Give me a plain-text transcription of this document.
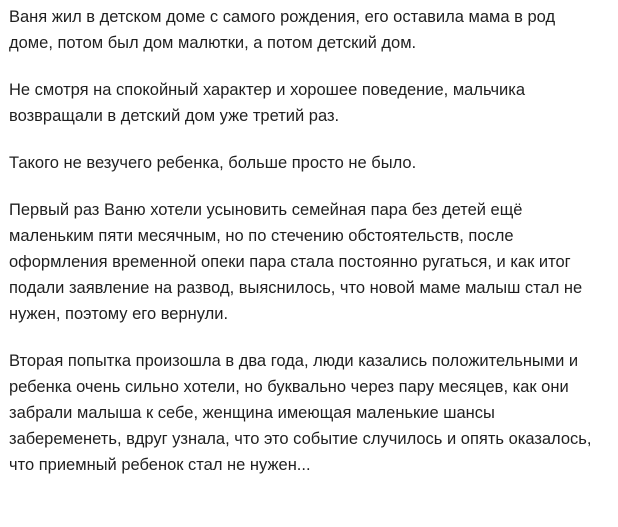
Ваня жил в детском доме с самого рождения, его оставила мама в род
доме, потом был дом малютки, а потом детский дом.

Не смотря на спокойный характер и хорошее поведение, мальчика
возвращали в детский дом уже третий раз.

Такого не везучего ребенка, больше просто не было.

Первый раз Ваню хотели усыновить семейная пара без детей ещё
маленьким пяти месячным, но по стечению обстоятельств, после
оформления временной опеки пара стала постоянно ругаться, и как итог
подали заявление на развод, выяснилось, что новой маме малыш стал не
нужен, поэтому его вернули.

Вторая попытка произошла в два года, люди казались положительными и
ребенка очень сильно хотели, но буквально через пару месяцев, как они
забрали малыша к себе, женщина имеющая маленькие шансы
забеременеть, вдруг узнала, что это событие случилось и опять оказалось,
что приемный ребенок стал не нужен...
